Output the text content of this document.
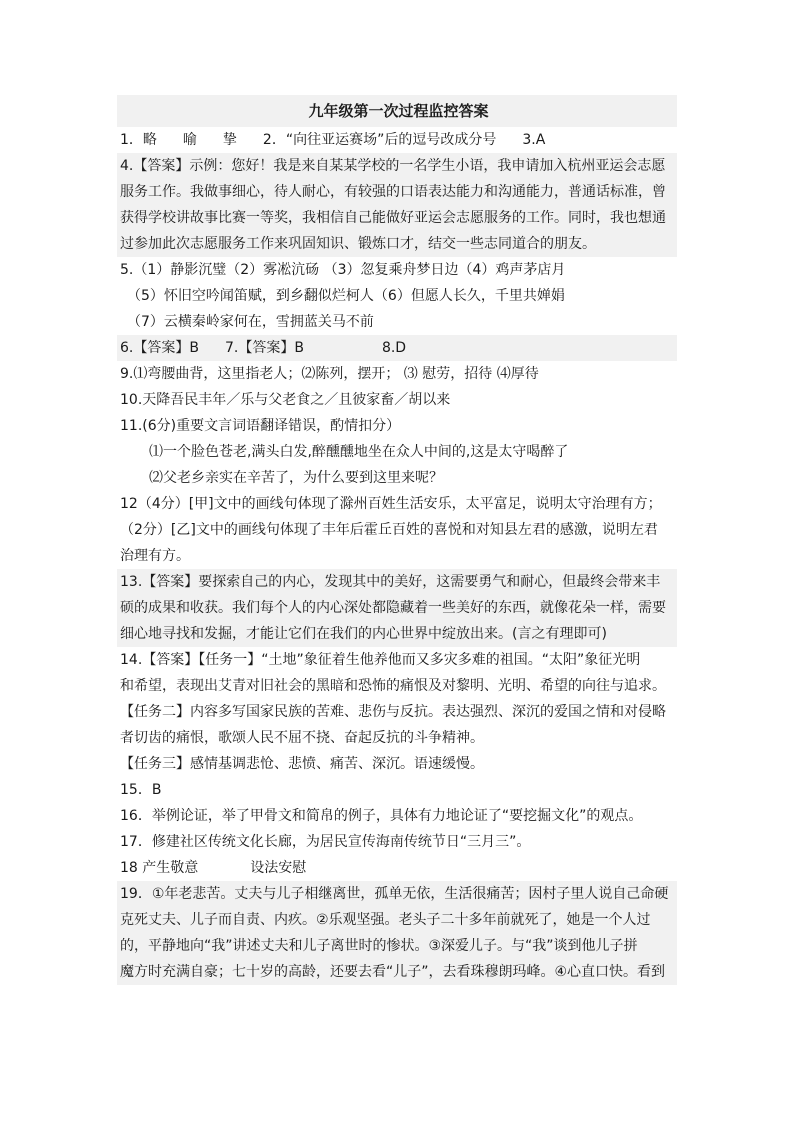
九年级第一次过程监控答案
1．略 喻 挚 2．“向往亚运赛场”后的逗号改成分号 3.A
4.【答案】示例：您好！我是来自某某学校的一名学生小语，我申请加入杭州亚运会志愿
服务工作。我做事细心，待人耐心，有较强的口语表达能力和沟通能力，普通话标准，曾
获得学校讲故事比赛一等奖，我相信自己能做好亚运会志愿服务的工作。同时，我也想通
过参加此次志愿服务工作来巩固知识、锻炼口才，结交一些志同道合的朋友。
5.（1）静影沉璧（2）雾凇沆砀 （3）忽复乘舟梦日边（4）鸡声茅店月
（5）怀旧空吟闻笛赋，到乡翻似烂柯人（6）但愿人长久，千里共婵娟
（7）云横秦岭家何在，雪拥蓝关马不前
6.【答案】B 7.【答案】B	8.D
9.⑴弯腰曲背，这里指老人；⑵陈列，摆开； ⑶ 慰劳，招待 ⑷厚待
10.天降吾民丰年／乐与父老食之／且彼家畜／胡以来
11.(6分)重要文言词语翻译错误，酌情扣分）
⑴一个脸色苍老,满头白发,醉醺醺地坐在众人中间的,这是太守喝醉了
⑵父老乡亲实在辛苦了，为什么要到这里来呢？
12（4分）[甲]文中的画线句体现了滁州百姓生活安乐，太平富足，说明太守治理有方；
（2分）[乙]文中的画线句体现了丰年后霍丘百姓的喜悦和对知县左君的感激，说明左君
治理有方。
13.【答案】要探索自己的内心，发现其中的美好，这需要勇气和耐心，但最终会带来丰
硕的成果和收获。我们每个人的内心深处都隐藏着一些美好的东西，就像花朵一样，需要
细心地寻找和发掘，才能让它们在我们的内心世界中绽放出来。(言之有理即可)
14.【答案】【任务一】“土地”象征着生他养他而又多灾多难的祖国。“太阳”象征光明
和希望，表现出艾青对旧社会的黑暗和恐怖的痛恨及对黎明、光明、希望的向往与追求。
【任务二】内容多写国家民族的苦难、悲伤与反抗。表达强烈、深沉的爱国之情和对侵略
者切齿的痛恨，歌颂人民不屈不挠、奋起反抗的斗争精神。
【任务三】感情基调悲怆、悲愤、痛苦、深沉。语速缓慢。
15．B
16．举例论证，举了甲骨文和简帛的例子，具体有力地论证了“要挖掘文化”的观点。
17．修建社区传统文化长廊，为居民宣传海南传统节日“三月三”。
18 产生敬意	设法安慰
19．①年老悲苦。丈夫与儿子相继离世，孤单无依，生活很痛苦；因村子里人说自己命硬
克死丈夫、儿子而自责、内疚。②乐观坚强。老头子二十多年前就死了，她是一个人过
的，平静地向“我”讲述丈夫和儿子离世时的惨状。③深爱儿子。与“我”谈到他儿子拼
魔方时充满自豪；七十岁的高龄，还要去看“儿子”，去看珠穆朗玛峰。④心直口快。看到
